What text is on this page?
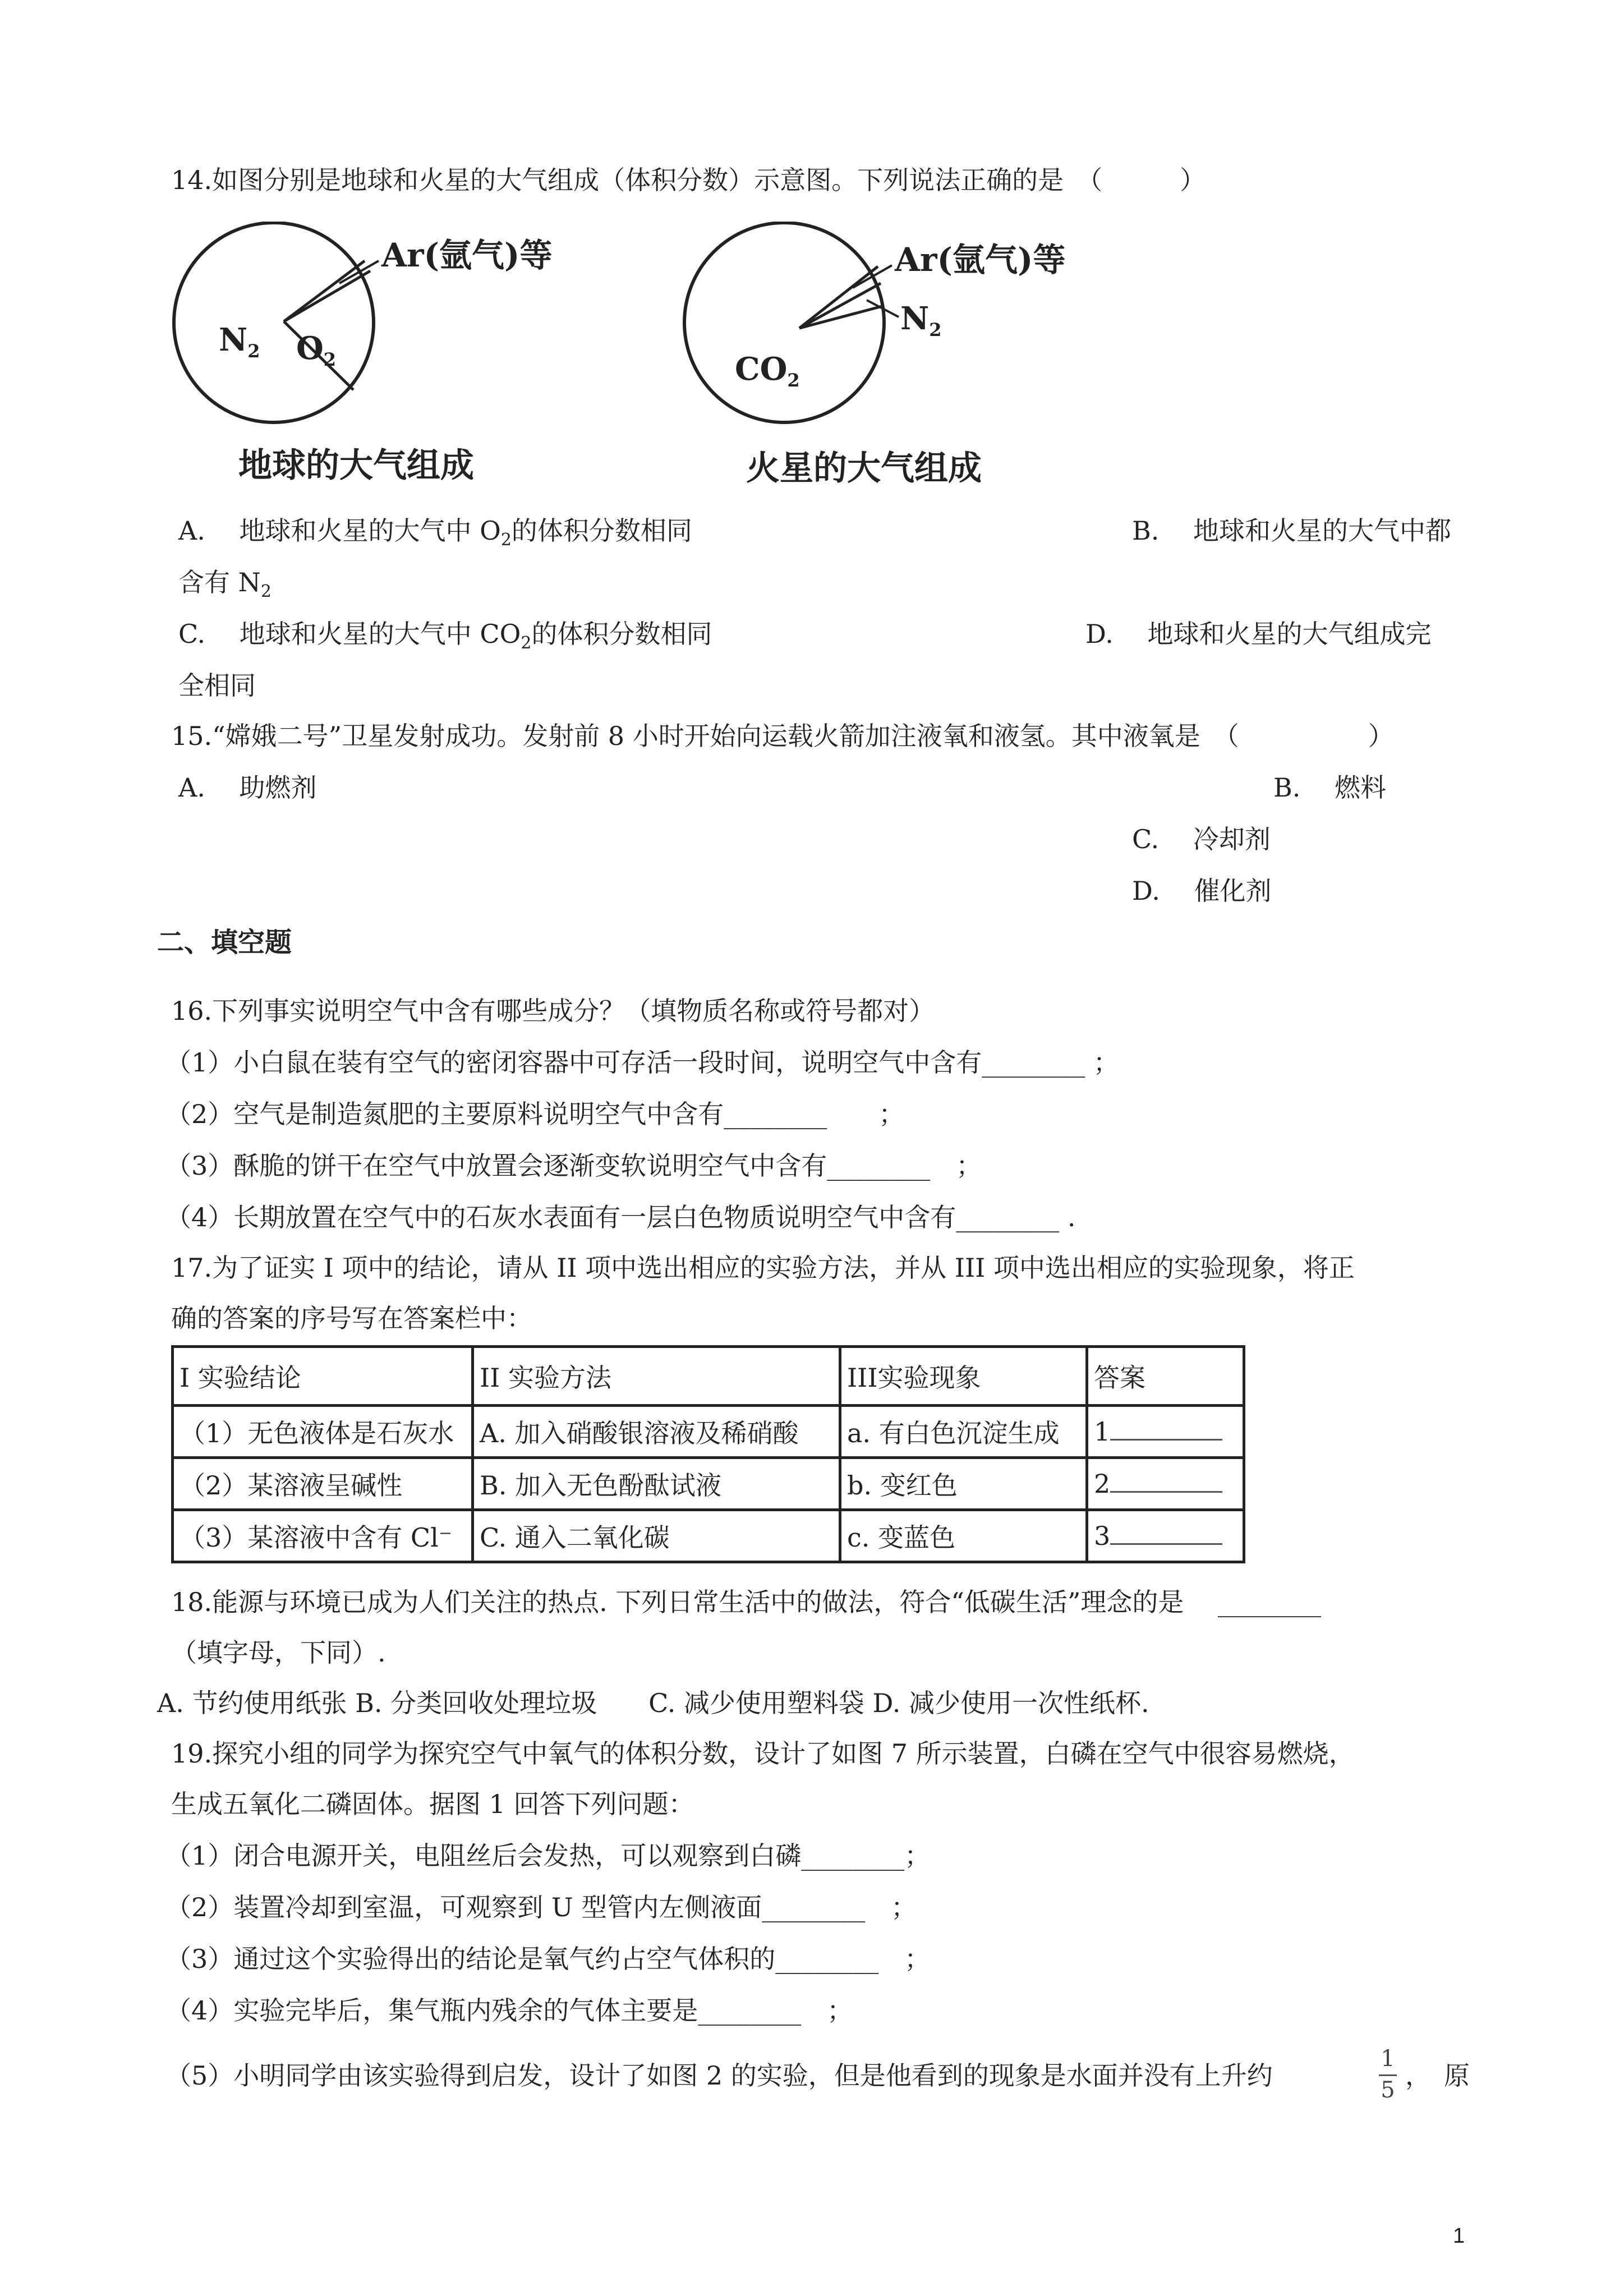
14.如图分别是地球和火星的大气组成（体积分数）示意图。下列说法正确的是　（　　　）
Ar(氩气)等
$N_2$ $O_2$
地球的大气组成
Ar(氩气)等
$N_2$
$CO_2$
火星的大气组成
A.　 地球和火星的大气中 $O_2$的体积分数相同	B.　 地球和火星的大气中都
含有 $N_2$
C.　 地球和火星的大气中 $CO_2$的体积分数相同	D.　 地球和火星的大气组成完
全相同
15.“嫦娥二号”卫星发射成功。发射前 8 小时开始向运载火箭加注液氧和液氢。其中液氧是　（　　　　　）
A.　 助燃剂	B.　 燃料
C.　 冷却剂
D.　 催化剂
二、填空题
16.下列事实说明空气中含有哪些成分？（填物质名称或符号都对）
（1）小白鼠在装有空气的密闭容器中可存活一段时间，说明空气中含有________ ；
（2）空气是制造氮肥的主要原料说明空气中含有________　　；
（3）酥脆的饼干在空气中放置会逐渐变软说明空气中含有________　；
（4）长期放置在空气中的石灰水表面有一层白色物质说明空气中含有________ .
17.为了证实 I 项中的结论，请从 II 项中选出相应的实验方法，并从 III 项中选出相应的实验现象，将正
确的答案的序号写在答案栏中：
I 实验结论	II 实验方法	III实验现象	答案
（1）无色液体是石灰水	A. 加入硝酸银溶液及稀硝酸	a. 有白色沉淀生成	1
（2）某溶液呈碱性	B. 加入无色酚酞试液	b. 变红色	2
（3）某溶液中含有 Cl⁻	C. 通入二氧化碳	c. 变蓝色	3
18.能源与环境已成为人们关注的热点. 下列日常生活中的做法，符合“低碳生活”理念的是　 ________
（填字母，下同）.
A. 节约使用纸张 B. 分类回收处理垃圾　　C. 减少使用塑料袋 D. 减少使用一次性纸杯.
19.探究小组的同学为探究空气中氧气的体积分数，设计了如图 7 所示装置，白磷在空气中很容易燃烧，
生成五氧化二磷固体。据图 1 回答下列问题：
（1）闭合电源开关，电阻丝后会发热，可以观察到白磷________；
（2）装置冷却到室温，可观察到 U 型管内左侧液面________　；
（3）通过这个实验得出的结论是氧气约占空气体积的________　；
（4）实验完毕后，集气瓶内残余的气体主要是________　；
（5）小明同学由该实验得到启发，设计了如图 2 的实验，但是他看到的现象是水面并没有上升约
1
5 ，　原
1
